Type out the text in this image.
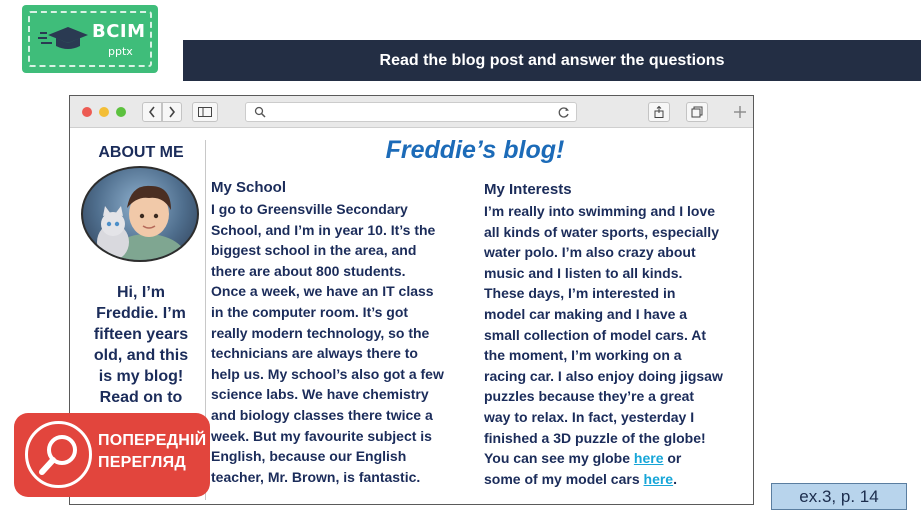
ВСІМ
pptx	Read the blog post and answer the questions
ABOUT ME
Hi, I’m
Freddie. I’m
fifteen years
old, and this
is my blog!
Read on to
Freddie’s blog!
My School
I go to Greensville Secondary
School, and I’m in year 10. It’s the
biggest school in the area, and
there are about 800 students.
Once a week, we have an IT class
in the computer room. It’s got
really modern technology, so the
technicians are always there to
help us. My school’s also got a few
science labs. We have chemistry
and biology classes there twice a
week. But my favourite subject is
English, because our English
teacher, Mr. Brown, is fantastic.
My Interests
I’m really into swimming and I love
all kinds of water sports, especially
water polo. I’m also crazy about
music and I listen to all kinds.
These days, I’m interested in
model car making and I have a
small collection of model cars. At
the moment, I’m working on a
racing car. I also enjoy doing jigsaw
puzzles because they’re a great
way to relax. In fact, yesterday I
finished a 3D puzzle of the globe!
You can see my globe here or
some of my model cars here.
ПОПЕРЕДНІЙ
ПЕРЕГЛЯД
ex.3, p. 14
